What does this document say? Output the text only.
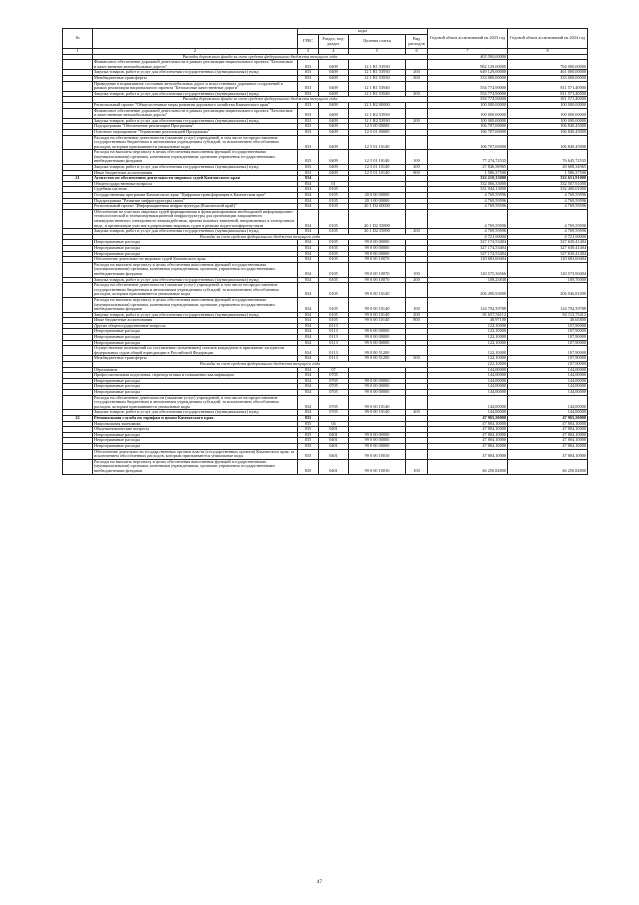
№		коды				Годовой объем ассигнований на 2023 год	Годовой объем ассигнований на 2024 год
		ГРБС	Раздел, под-раздел	Целевая статья	Вид расходов		
1	2	3	4	5	6	7	8
	Расходы дорожного фонда за счет средств федерального бюджета текущего года					403 500,00000	
	Финансовое обеспечение дорожной деятельности в рамках реализации национального проекта "Безопасные и качественные автомобильные дороги"	833	0409	12 1 R1 53930		982 129,00000	794 000,00000
	Закупка товаров, работ и услуг для обеспечения государственных (муниципальных) нужд	833	0409	12 1 R1 53930	200	649 129,00000	461 000,00000
	Межбюджетные трансферты	833	0409	12 1 R1 53930	500	333 000,00000	333 000,00000
	Приведение в нормативное состояние автомобильных дорог и искусственных дорожных сооружений в рамках реализации национального проекта "Безопасные качественные дороги"	833	0409	12 1 R1 53940		554 774,90000	811 571,40000
	Закупка товаров, работ и услуг для обеспечения государственных (муниципальных) нужд	833	0409	12 1 R1 53940	200	554 774,90000	811 571,40000
	Расходы дорожного фонда за счет средств федерального бюджета текущего года					554 774,90000	811 571,40000
	Региональный проект "Общесистемные меры развития дорожного хозяйства Камчатского края"	833	0409	12 1 R2 00000		100 000,00000	100 000,00000
	Финансовое обеспечение дорожной деятельности в рамках реализации национального проекта "Безопасные и качественные автомобильные дороги"	833	0409	12 1 R2 53930		100 000,00000	100 000,00000
	Закупка товаров, работ и услуг для обеспечения государственных (муниципальных) нужд	833	0409	12 1 R2 53930	200	100 000,00000	100 000,00000
	Подпрограмма "Обеспечение реализации Программы"	833	0409	12 5 00 00000		106 707,69000	106 840,45000
	Основное мероприятие "Управление реализацией Программы"	833	0409	12 5 01 00000		106 707,69000	106 840,45000
	Расходы на обеспечение деятельности (оказание услуг) учреждений, в том числе на предоставление государственным бюджетным и автономным учреждениям субсидий, за исключением обособленных расходов, которым присваиваются уникальные коды	833	0409	12 5 01 10140		106 707,69000	106 840,45000
	Расходы на выплаты персоналу в целях обеспечения выполнения функций государственными (муниципальными) органами, казенными учреждениями, органами управления государственными внебюджетными фондами	833	0409	12 5 01 10140	100	77 274,72535	76 645,72535
	Закупка товаров, работ и услуг для обеспечения государственных (муниципальных) нужд	833	0409	12 5 01 10140	200	27 846,58965	28 608,34965
	Иные бюджетные ассигнования	833	0409	12 5 01 10140	800	1 586,37500	1 586,37500
21	Агентство по обеспечению деятельности мировых судей Камчатского края	834				332 210,33000	332 651,91000
	Общегосударственные вопросы	834	01			332 066,33000	332 507,91000
	Судебная система	834	0105			331 944,13000	332 400,01000
	Государственная программа Камчатского края "Цифровая трансформация в Камчатском крае"	834	0105	20 0 00 00000		4 769,59596	4 769,59596
	Подпрограмма "Развитие инфраструктуры связи"	834	0105	20 1 00 00000		4 769,59596	4 769,59596
	Региональный проект "Информационная инфраструктура (Камчатский край)"	834	0105	20 1 D2 00000		4 769,59596	4 769,59596
	Обеспечение на участках мировых судей формирования и функционирования необходимой информационно-технологической и телекоммуникационной инфраструктуры для организации защищенного межведомственного электронного взаимодействия, приема исковых заявлений, направляемых в электронном виде, и организации участия в разрешении мировых судов в режиме видео-конференц-связи	834	0105	20 1 D2 55890		4 769,59596	4 769,59596
	Закупка товаров, работ и услуг для обеспечения государственных (муниципальных) нужд	834	0105	20 1 D2 55890	200	4 769,59596	4 769,59596
	Расходы за счет средств федерального бюджета текущего года					4 721,90000	4 721,90000
	Непрограммные расходы	834	0105	99 0 00 00000		327 174,53404	327 630,41404
	Непрограммные расходы	834	0105	99 0 00 00000		327 174,53404	327 630,41404
	Непрограммные расходы	834	0105	99 0 00 00000		327 174,53404	327 630,41404
	Обеспечение деятельности мировых судей Камчатского края	834	0105	99 0 00 10070		120 683,60404	120 683,60404
	Расходы на выплаты персоналу в целях обеспечения выполнения функций государственными (муниципальными) органами, казенными учреждениями, органами управления государственными внебюджетными фондами	834	0105	99 0 00 10070	100	120 575,36566	120 573,90404
	Закупка товаров, работ и услуг для обеспечения государственных (муниципальных) нужд	834	0105	99 0 00 10070	200	108,23838	109,70000
	Расходы на обеспечение деятельности (оказание услуг) учреждений, в том числе на предоставление государственным бюджетным и автономным учреждениям субсидий, за исключением обособленных расходов, которым присваиваются уникальные коды	834	0105	99 0 00 10140		206 490,93000	206 946,81000
	Расходы на выплаты персоналу в целях обеспечения выполнения функций государственными (муниципальными) органами, казенными учреждениями, органами управления государственными внебюджетными фондами	834	0105	99 0 00 10140	100	124 792,39788	124 792,39788
	Закупка товаров, работ и услуг для обеспечения государственных (муниципальных) нужд	834	0105	99 0 00 10140	200	81 657,56112	82 113,75412
	Иные бюджетные ассигнования	834	0105	99 0 00 10140	800	40,97100	40,65800
	Другие общегосударственные вопросы	834	0113			122,10000	107,90000
	Непрограммные расходы	834	0113	99 0 00 00000		122,10000	107,90000
	Непрограммные расходы	834	0113	99 0 00 00000		122,10000	107,90000
	Непрограммные расходы	834	0113	99 0 00 00000		122,10000	107,90000
	Осуществление полномочий по составлению (изменению) списков кандидатов в присяжные заседатели федеральных судов общей юрисдикции в Российской Федерации	834	0113	99 0 00 51200		122,10000	107,90000
	Межбюджетные трансферты	834	0113	99 0 00 51200	500	122,10000	107,90000
	Расходы за счет средств федерального бюджета текущего года					122,10000	107,90000
	Образование	834	07			144,00000	144,00000
	Профессиональная подготовка, переподготовка и повышение квалификации	834	0705			144,00000	144,00000
	Непрограммные расходы	834	0705	99 0 00 00000		144,00000	144,00000
	Непрограммные расходы	834	0705	99 0 00 00000		144,00000	144,00000
	Непрограммные расходы	834	0705	99 0 00 00000		144,00000	144,00000
	Расходы на обеспечение деятельности (оказание услуг) учреждений, в том числе на предоставление государственным бюджетным и автономным учреждениям субсидий, за исключением обособленных расходов, которым присваиваются уникальные коды	834	0705	99 0 00 10140		144,00000	144,00000
	Закупка товаров, работ и услуг для обеспечения государственных (муниципальных) нужд	834	0705	99 0 00 10140	200	144,00000	144,00000
22	Региональная служба по тарифам и ценам Камчатского края	835				47 965,50000	47 965,50000
	Национальная экономика	835	04			47 804,10000	47 804,10000
	Общеэкономические вопросы	835	0401			47 804,10000	47 804,10000
	Непрограммные расходы	835	0401	99 0 00 00000		47 804,10000	47 804,10000
	Непрограммные расходы	835	0401	99 0 00 00000		47 804,10000	47 804,10000
	Непрограммные расходы	835	0401	99 0 00 00000		47 804,10000	47 804,10000
	Обеспечение деятельности государственных органов власти (государственных органов) Камчатского края, за исключением обособленных расходов, которым присваиваются уникальные коды	835	0401	99 0 00 10010		47 804,10000	47 804,10000
	Расходы на выплаты персоналу в целях обеспечения выполнения функций государственными (муниципальными) органами, казенными учреждениями, органами управления государственными внебюджетными фондами	835	0401	99 0 00 10010	100	46 250,84800	46 250,84800
47
